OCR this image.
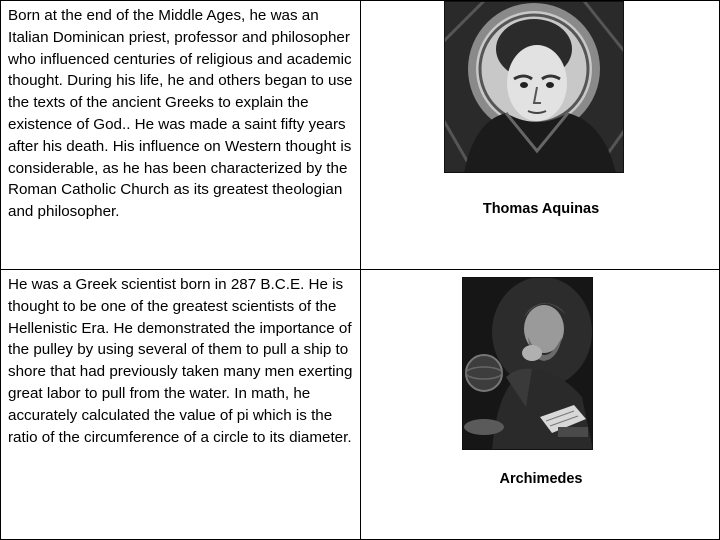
Born at the end of the Middle Ages, he was an Italian Dominican priest, professor and philosopher who influenced centuries of religious and academic thought. During his life, he and others began to use the texts of the ancient Greeks to explain the existence of God.. He was made a saint fifty years after his death. His influence on Western thought is considerable, as he has been characterized by the Roman Catholic Church as its greatest theologian and philosopher.	Thomas Aquinas

He was a Greek scientist born in 287 B.C.E. He is thought to be one of the greatest scientists of the Hellenistic Era. He demonstrated the importance of the pulley by using several of them to pull a ship to shore that had previously taken many men exerting great labor to pull from the water. In math, he accurately calculated the value of pi which is the ratio of the circumference of a circle to its diameter.

Archimedes
